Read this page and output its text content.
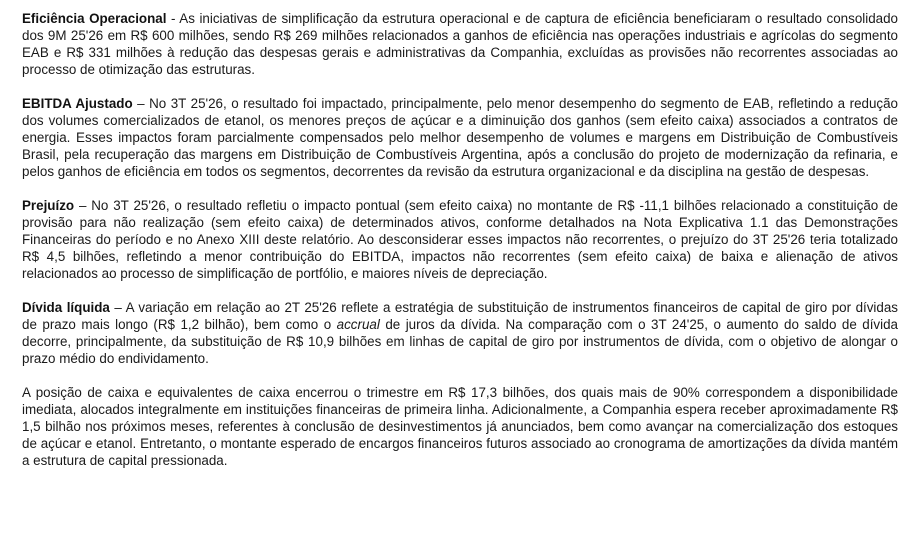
Eficiência Operacional - As iniciativas de simplificação da estrutura operacional e de captura de eficiência beneficiaram o resultado consolidado dos 9M 25'26 em R$ 600 milhões, sendo R$ 269 milhões relacionados a ganhos de eficiência nas operações industriais e agrícolas do segmento EAB e R$ 331 milhões à redução das despesas gerais e administrativas da Companhia, excluídas as provisões não recorrentes associadas ao processo de otimização das estruturas.

EBITDA Ajustado – No 3T 25'26, o resultado foi impactado, principalmente, pelo menor desempenho do segmento de EAB, refletindo a redução dos volumes comercializados de etanol, os menores preços de açúcar e a diminuição dos ganhos (sem efeito caixa) associados a contratos de energia. Esses impactos foram parcialmente compensados pelo melhor desempenho de volumes e margens em Distribuição de Combustíveis Brasil, pela recuperação das margens em Distribuição de Combustíveis Argentina, após a conclusão do projeto de modernização da refinaria, e pelos ganhos de eficiência em todos os segmentos, decorrentes da revisão da estrutura organizacional e da disciplina na gestão de despesas.

Prejuízo – No 3T 25'26, o resultado refletiu o impacto pontual (sem efeito caixa) no montante de R$ -11,1 bilhões relacionado a constituição de provisão para não realização (sem efeito caixa) de determinados ativos, conforme detalhados na Nota Explicativa 1.1 das Demonstrações Financeiras do período e no Anexo XIII deste relatório. Ao desconsiderar esses impactos não recorrentes, o prejuízo do 3T 25'26 teria totalizado R$ 4,5 bilhões, refletindo a menor contribuição do EBITDA, impactos não recorrentes (sem efeito caixa) de baixa e alienação de ativos relacionados ao processo de simplificação de portfólio, e maiores níveis de depreciação.

Dívida líquida – A variação em relação ao 2T 25'26 reflete a estratégia de substituição de instrumentos financeiros de capital de giro por dívidas de prazo mais longo (R$ 1,2 bilhão), bem como o accrual de juros da dívida. Na comparação com o 3T 24'25, o aumento do saldo de dívida decorre, principalmente, da substituição de R$ 10,9 bilhões em linhas de capital de giro por instrumentos de dívida, com o objetivo de alongar o prazo médio do endividamento.

A posição de caixa e equivalentes de caixa encerrou o trimestre em R$ 17,3 bilhões, dos quais mais de 90% correspondem a disponibilidade imediata, alocados integralmente em instituições financeiras de primeira linha. Adicionalmente, a Companhia espera receber aproximadamente R$ 1,5 bilhão nos próximos meses, referentes à conclusão de desinvestimentos já anunciados, bem como avançar na comercialização dos estoques de açúcar e etanol. Entretanto, o montante esperado de encargos financeiros futuros associado ao cronograma de amortizações da dívida mantém a estrutura de capital pressionada.
